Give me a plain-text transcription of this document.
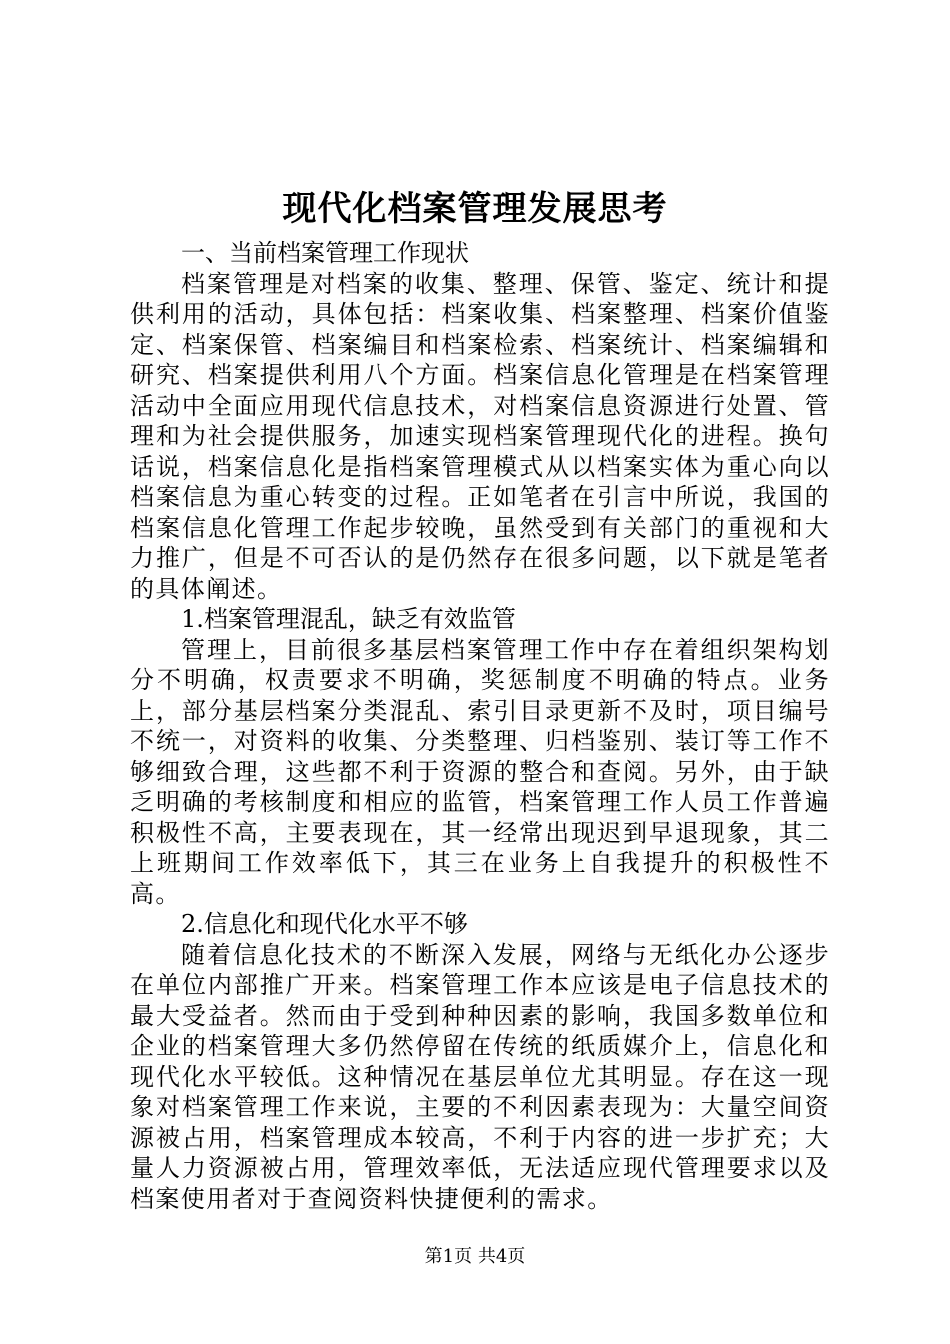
现代化档案管理发展思考
一、当前档案管理工作现状

档案管理是对档案的收集、整理、保管、鉴定、统计和提供利用的活动，具体包括：档案收集、档案整理、档案价值鉴定、档案保管、档案编目和档案检索、档案统计、档案编辑和研究、档案提供利用八个方面。档案信息化管理是在档案管理活动中全面应用现代信息技术，对档案信息资源进行处置、管理和为社会提供服务，加速实现档案管理现代化的进程。换句话说，档案信息化是指档案管理模式从以档案实体为重心向以档案信息为重心转变的过程。正如笔者在引言中所说，我国的档案信息化管理工作起步较晚，虽然受到有关部门的重视和大力推广，但是不可否认的是仍然存在很多问题，以下就是笔者的具体阐述。

1.档案管理混乱，缺乏有效监管

管理上，目前很多基层档案管理工作中存在着组织架构划分不明确，权责要求不明确，奖惩制度不明确的特点。业务上，部分基层档案分类混乱、索引目录更新不及时，项目编号不统一，对资料的收集、分类整理、归档鉴别、装订等工作不够细致合理，这些都不利于资源的整合和查阅。另外，由于缺乏明确的考核制度和相应的监管，档案管理工作人员工作普遍积极性不高，主要表现在，其一经常出现迟到早退现象，其二上班期间工作效率低下，其三在业务上自我提升的积极性不高。

2.信息化和现代化水平不够

随着信息化技术的不断深入发展，网络与无纸化办公逐步在单位内部推广开来。档案管理工作本应该是电子信息技术的最大受益者。然而由于受到种种因素的影响，我国多数单位和企业的档案管理大多仍然停留在传统的纸质媒介上，信息化和现代化水平较低。这种情况在基层单位尤其明显。存在这一现象对档案管理工作来说，主要的不利因素表现为：大量空间资源被占用，档案管理成本较高，不利于内容的进一步扩充；大量人力资源被占用，管理效率低，无法适应现代管理要求以及档案使用者对于查阅资料快捷便利的需求。

第1页 共4页
